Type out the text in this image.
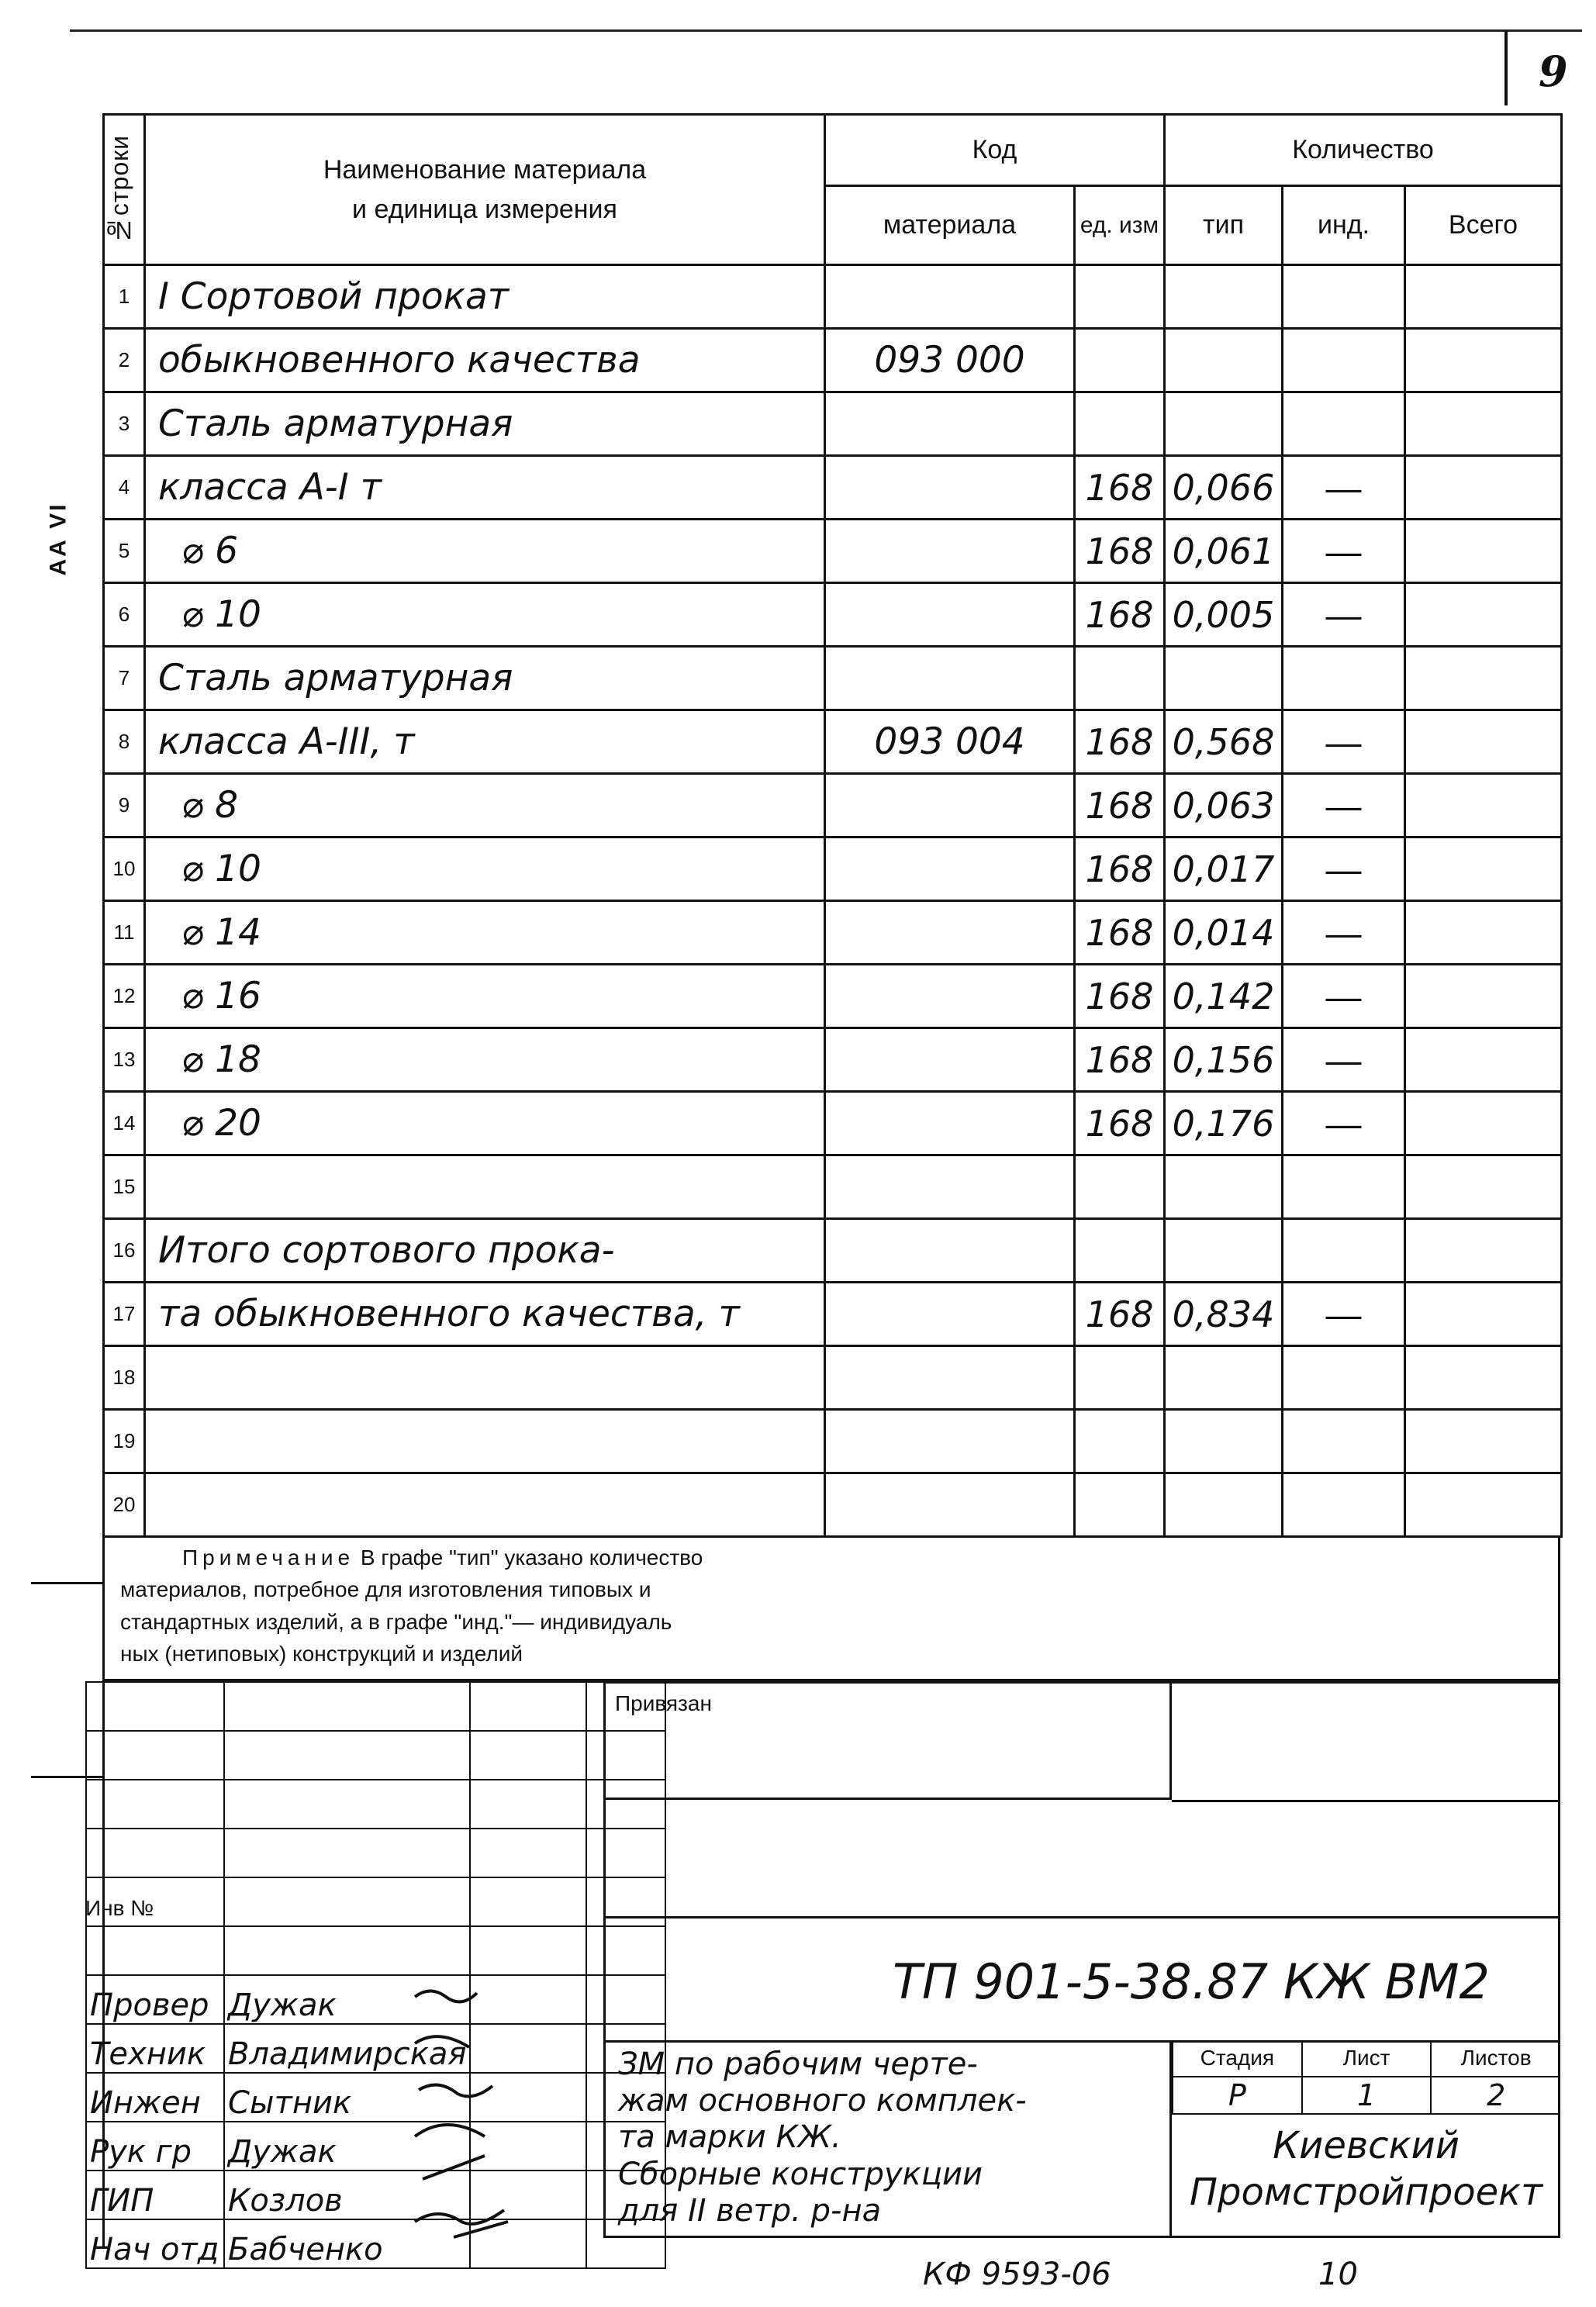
9
АА VI
№строки	Наименование материала
и единица измерения	Код		Количество		
		материала	ед. изм	тип	инд.	Всего
1	I Сортовой прокат					
2	обыкновенного качества	093 000				
3	Сталь арматурная					
4	класса A-I т		168	0,066	—	
5	⌀ 6		168	0,061	—	
6	⌀ 10		168	0,005	—	
7	Сталь арматурная					
8	класса A-III, т	093 004	168	0,568	—	
9	⌀ 8		168	0,063	—	
10	⌀ 10		168	0,017	—	
11	⌀ 14		168	0,014	—	
12	⌀ 16		168	0,142	—	
13	⌀ 18		168	0,156	—	
14	⌀ 20		168	0,176	—	
15						
16	Итого сортового прока-					
17	та обыкновенного качества, т		168	0,834	—	
18						
19						
20						
Примечание В графе "тип" указано количество
материалов, потребное для изготовления типовых и
стандартных изделий, а в графе "инд."— индивидуаль
ных (нетиповых) конструкций и изделий

Провер	Дужак		
Техник	Владимирская		
Инжен	Сытник		
Рук гр	Дужак		
ГИП	Козлов		
Нач отд	Бабченко		
Инв №
Привязан
ТП 901-5-38.87 КЖ ВМ2
ЗМ по рабочим черте-
жам основного комплек-
та марки КЖ.
Сборные конструкции
для II ветр. р-на
Стадия	Лист	Листов
Р	1	2
Киевский
Промстройпроект
КФ 9593-06	10
